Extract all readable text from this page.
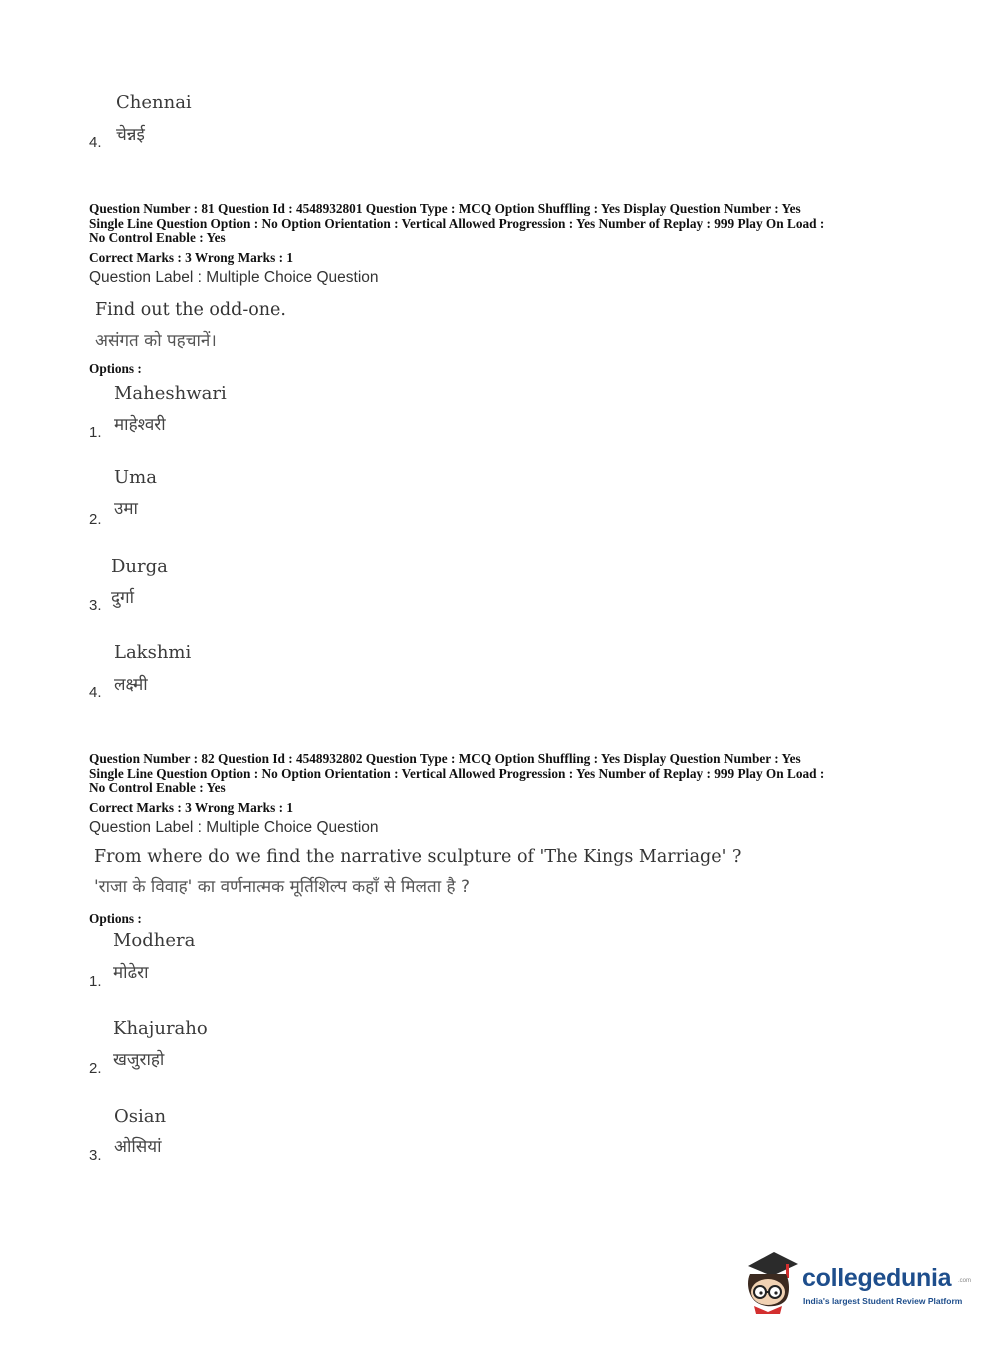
Chennai
चेन्नई
4.
Question Number : 81 Question Id : 4548932801 Question Type : MCQ Option Shuffling : Yes Display Question Number : Yes
Single Line Question Option : No Option Orientation : Vertical Allowed Progression : Yes Number of Replay : 999 Play On Load :
No Control Enable : Yes
Correct Marks : 3 Wrong Marks : 1
Question Label : Multiple Choice Question
Find out the odd-one.
असंगत को पहचानें।
Options :
Maheshwari
माहेश्वरी
1.
Uma
उमा
2.
Durga
दुर्गा
3.
Lakshmi
लक्ष्मी
4.
Question Number : 82 Question Id : 4548932802 Question Type : MCQ Option Shuffling : Yes Display Question Number : Yes
Single Line Question Option : No Option Orientation : Vertical Allowed Progression : Yes Number of Replay : 999 Play On Load :
No Control Enable : Yes
Correct Marks : 3 Wrong Marks : 1
Question Label : Multiple Choice Question
From where do we find the narrative sculpture of 'The Kings Marriage' ?
'राजा के विवाह' का वर्णनात्मक मूर्तिशिल्प कहाँ से मिलता है ?
Options :
Modhera
मोढेरा
1.
Khajuraho
खजुराहो
2.
Osian
ओसियां
3.
collegedunia .com
India's largest Student Review Platform
